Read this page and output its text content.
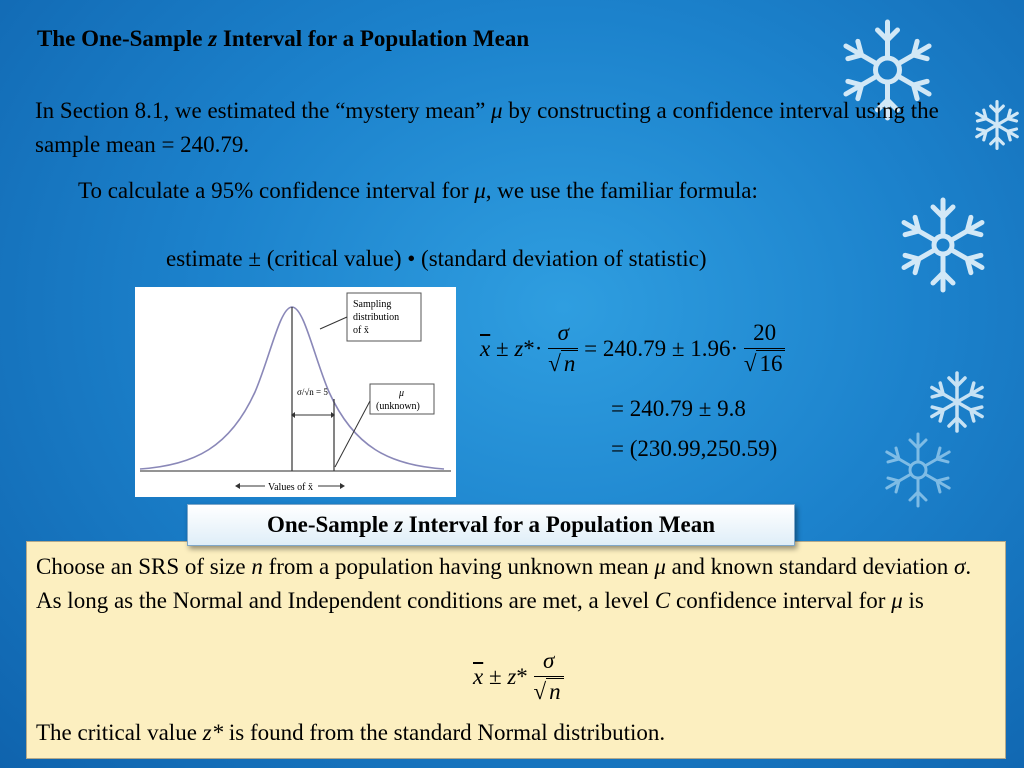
The One-Sample z Interval for a Population Mean
In Section 8.1, we estimated the “mystery mean” μ by constructing a confidence interval using the sample mean = 240.79.
To calculate a 95% confidence interval for μ, we use the familiar formula:
estimate ± (critical value) • (standard deviation of statistic)
Sampling
distribution
of x̄
σ/√n = 5	μ
(unknown)
Values of x̄
$\overline{x} \pm z*\cdot \frac{\sigma}{√ n} = 240.79 \pm 1.96\cdot \frac{20}{√ 16}$
= 240.79 ± 9.8
= (230.99,250.59)
Choose an SRS of size n from a population having unknown mean μ and known standard deviation σ. As long as the Normal and Independent conditions are met, a level C confidence interval for μ is
$\overline{x} \pm z* \frac{\sigma}{√ n}$
The critical value z* is found from the standard Normal distribution.
One-Sample z Interval for a Population Mean
